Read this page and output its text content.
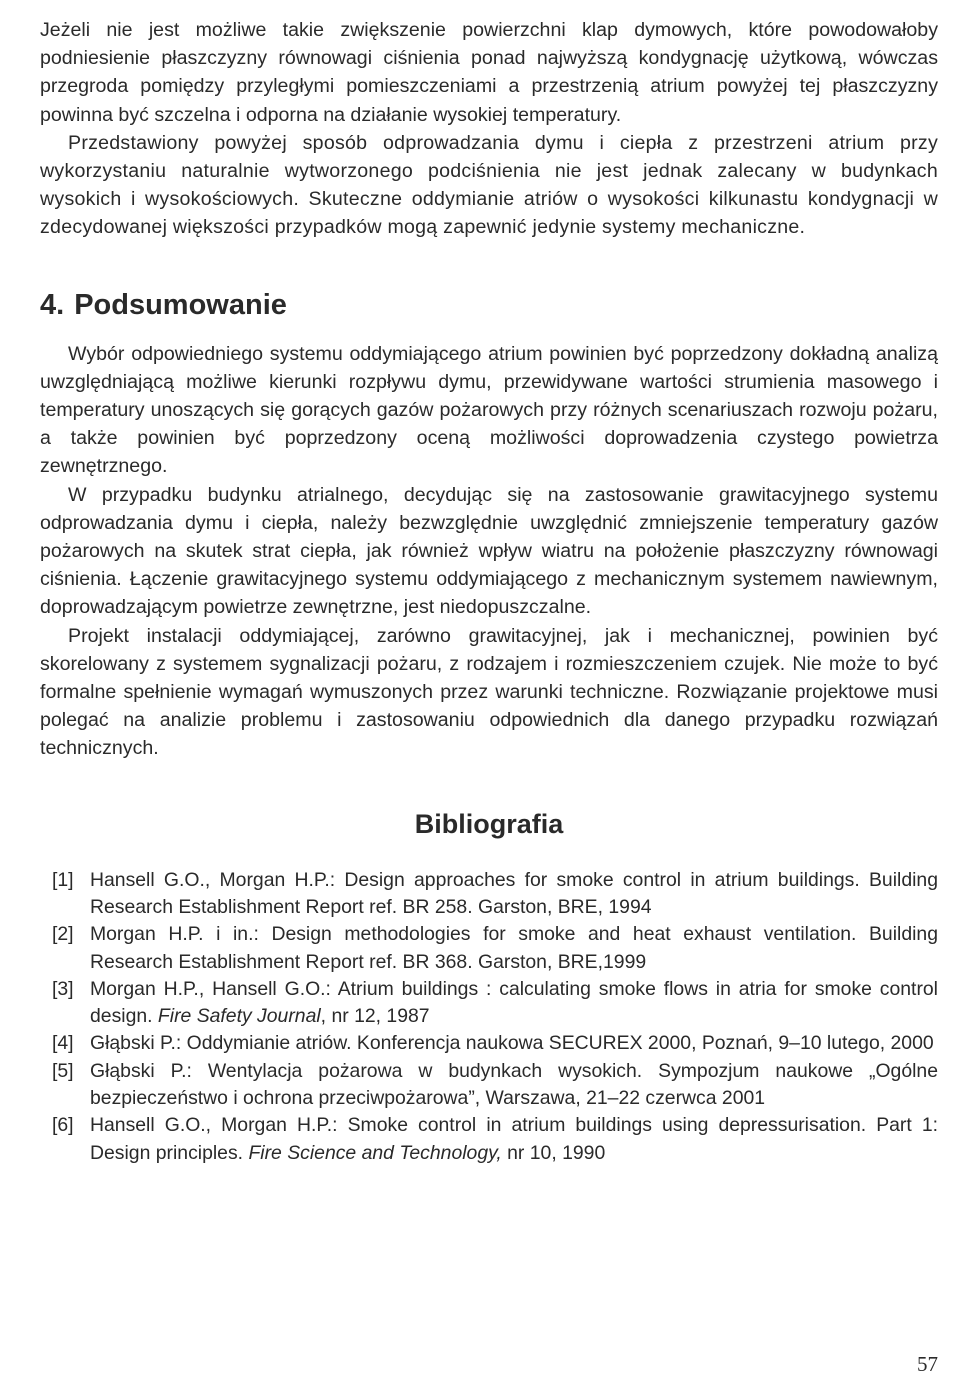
Jeżeli nie jest możliwe takie zwiększenie powierzchni klap dymowych, które powodowałoby podniesienie płaszczyzny równowagi ciśnienia ponad najwyższą kondygnację użytkową, wówczas przegroda pomiędzy przyległymi pomieszczeniami a przestrzenią atrium powyżej tej płaszczyzny powinna być szczelna i odporna na działanie wysokiej temperatury.

Przedstawiony powyżej sposób odprowadzania dymu i ciepła z przestrzeni atrium przy wykorzystaniu naturalnie wytworzonego podciśnienia nie jest jednak zalecany w budynkach wysokich i wysokościowych. Skuteczne oddymianie atriów o wysokości kilkunastu kondygnacji w zdecydowanej większości przypadków mogą zapewnić jedynie systemy mechaniczne.

4. Podsumowanie

Wybór odpowiedniego systemu oddymiającego atrium powinien być poprzedzony dokładną analizą uwzględniającą możliwe kierunki rozpływu dymu, przewidywane wartości strumienia masowego i temperatury unoszących się gorących gazów pożarowych przy różnych scenariuszach rozwoju pożaru, a także powinien być poprzedzony oceną możliwości doprowadzenia czystego powietrza zewnętrznego.

W przypadku budynku atrialnego, decydując się na zastosowanie grawitacyjnego systemu odprowadzania dymu i ciepła, należy bezwzględnie uwzględnić zmniejszenie temperatury gazów pożarowych na skutek strat ciepła, jak również wpływ wiatru na położenie płaszczyzny równowagi ciśnienia. Łączenie grawitacyjnego systemu oddymiającego z mechanicznym systemem nawiewnym, doprowadzającym powietrze zewnętrzne, jest niedopuszczalne.

Projekt instalacji oddymiającej, zarówno grawitacyjnej, jak i mechanicznej, powinien być skorelowany z systemem sygnalizacji pożaru, z rodzajem i rozmieszczeniem czujek. Nie może to być formalne spełnienie wymagań wymuszonych przez warunki techniczne. Rozwiązanie projektowe musi polegać na analizie problemu i zastosowaniu odpowiednich dla danego przypadku rozwiązań technicznych.

Bibliografia
[1] Hansell G.O., Morgan H.P.: Design approaches for smoke control in atrium buildings. Building Research Establishment Report ref. BR 258. Garston, BRE, 1994
[2] Morgan H.P. i in.: Design methodologies for smoke and heat exhaust ventilation. Building Research Establishment Report ref. BR 368. Garston, BRE,1999
[3] Morgan H.P., Hansell G.O.: Atrium buildings : calculating smoke flows in atria for smoke control design. Fire Safety Journal, nr 12, 1987
[4] Głąbski P.: Oddymianie atriów. Konferencja naukowa SECUREX 2000, Poznań, 9–10 lutego, 2000
[5] Głąbski P.: Wentylacja pożarowa w budynkach wysokich. Sympozjum naukowe „Ogólne bezpieczeństwo i ochrona przeciwpożarowa”, Warszawa, 21–22 czerwca 2001
[6] Hansell G.O., Morgan H.P.: Smoke control in atrium buildings using depressurisation. Part 1: Design principles. Fire Science and Technology, nr 10, 1990
57
